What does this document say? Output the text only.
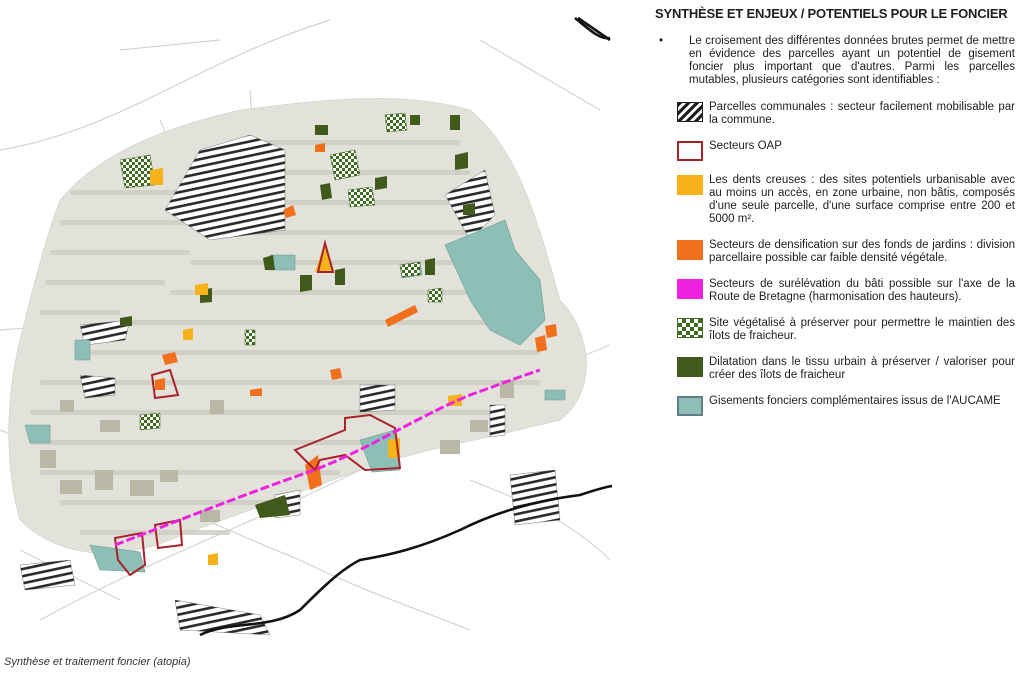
SYNTHÈSE ET ENJEUX / POTENTIELS POUR LE FONCIER
•	Le croisement des différentes données brutes permet de mettre en évidence des parcelles ayant un potentiel de gisement foncier plus important que d'autres. Parmi les parcelles mutables, plusieurs catégories sont identifiables :
Parcelles communales : secteur facilement mobilisable par la commune.
Secteurs OAP
Les dents creuses : des sites potentiels urbanisable avec au moins un accès, en zone urbaine, non bâtis, composés d'une seule parcelle, d'une surface comprise entre 200 et 5000 m².
Secteurs de densification sur des fonds de jardins : division parcellaire possible car faible densité végétale.
Secteurs de surélévation du bâti possible sur l'axe de la Route de Bretagne (harmonisation des hauteurs).
Site végétalisé à préserver pour permettre le maintien des îlots de fraicheur.
Dilatation dans le tissu urbain à préserver / valoriser pour créer des îlots de fraicheur
Gisements fonciers complémentaires issus de l'AUCAME
Synthèse et traitement foncier (atopia)
